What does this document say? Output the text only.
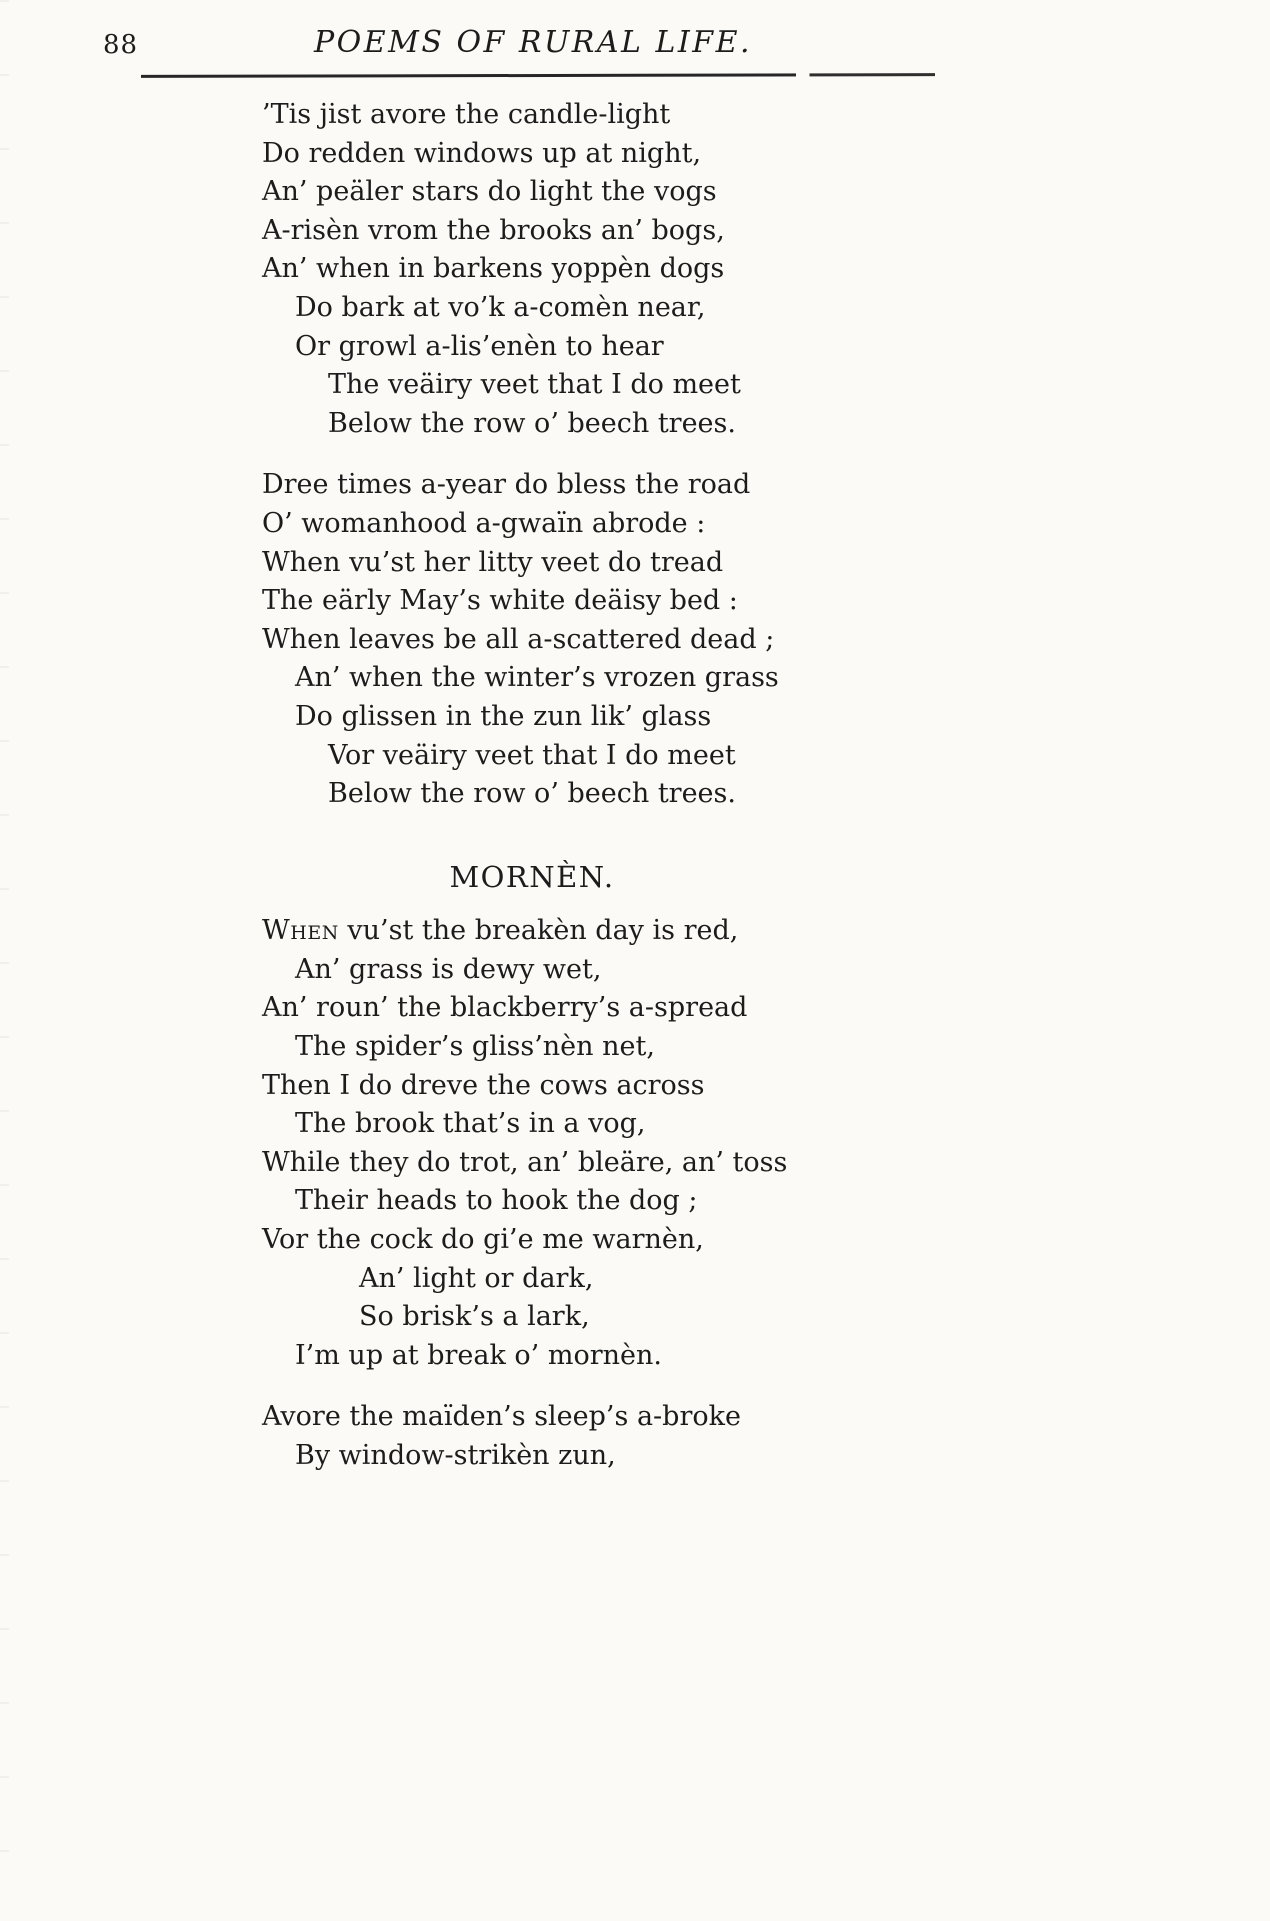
88	POEMS OF RURAL LIFE.
’Tis jist avore the candle-light
Do redden windows up at night,
An’ peäler stars do light the vogs
A-risèn vrom the brooks an’ bogs,
An’ when in barkens yoppèn dogs
Do bark at vo’k a-comèn near,
Or growl a-lis’enèn to hear
The veäiry veet that I do meet
Below the row o’ beech trees.
Dree times a-year do bless the road
O’ womanhood a-gwaïn abrode :
When vu’st her litty veet do tread
The eärly May’s white deäisy bed :
When leaves be all a-scattered dead ;
An’ when the winter’s vrozen grass
Do glissen in the zun lik’ glass
Vor veäiry veet that I do meet
Below the row o’ beech trees.
MORNÈN.
When vu’st the breakèn day is red,
An’ grass is dewy wet,
An’ roun’ the blackberry’s a-spread
The spider’s gliss’nèn net,
Then I do dreve the cows across
The brook that’s in a vog,
While they do trot, an’ bleäre, an’ toss
Their heads to hook the dog ;
Vor the cock do gi’e me warnèn,
An’ light or dark,
So brisk’s a lark,
I’m up at break o’ mornèn.
Avore the maïden’s sleep’s a-broke
By window-strikèn zun,
